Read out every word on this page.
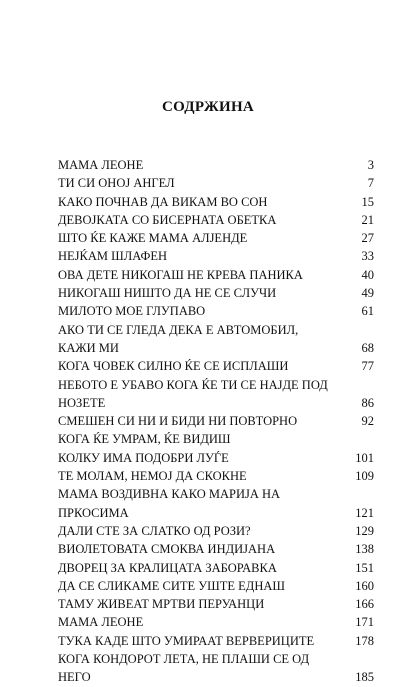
СОДРЖИНА
МАМА ЛЕОНЕ	3
ТИ СИ ОНОЈ АНГЕЛ	7
КАКО ПОЧНАВ ДА ВИКАМ ВО СОН	15
ДЕВОЈКАТА СО БИСЕРНАТА ОБЕТКА	21
ШТО ЌЕ КАЖЕ МАМА АЛЈЕНДЕ	27
НЕЈЌАМ ШЛАФЕН	33
ОВА ДЕТЕ НИКОГАШ НЕ КРЕВА ПАНИКА	40
НИКОГАШ НИШТО ДА НЕ СЕ СЛУЧИ	49
МИЛОТО МОЕ ГЛУПАВО	61
АКО ТИ СЕ ГЛЕДА ДЕКА Е АВТОМОБИЛ, КАЖИ МИ	68
КОГА ЧОВЕК СИЛНО ЌЕ СЕ ИСПЛАШИ	77
НЕБОТО Е УБАВО КОГА ЌЕ ТИ СЕ НАЈДЕ ПОД НОЗЕТЕ	86
СМЕШЕН СИ НИ И БИДИ НИ ПОВТОРНО	92
КОГА ЌЕ УМРАМ, ЌЕ ВИДИШ
КОЛКУ ИМА ПОДОБРИ ЛУЃЕ	101
ТЕ МОЛАМ, НЕМОЈ ДА СКОКНЕ	109
МАМА ВОЗДИВНА КАКО МАРИЈА НА ПРКОСИМА	121
ДАЛИ СТЕ ЗА СЛАТКО ОД РОЗИ?	129
ВИОЛЕТОВАТА СМОКВА ИНДИЈАНА	138
ДВОРЕЦ ЗА КРАЛИЦАТА ЗАБОРАВКА	151
ДА СЕ СЛИКАМЕ СИТЕ УШТЕ ЕДНАШ	160
ТАМУ ЖИВЕАТ МРТВИ ПЕРУАНЦИ	166
МАМА ЛЕОНЕ	171
ТУКА КАДЕ ШТО УМИРААТ ВЕРВЕРИЦИТЕ	178
КОГА КОНДОРОТ ЛЕТА, НЕ ПЛАШИ СЕ ОД НЕГО	185
